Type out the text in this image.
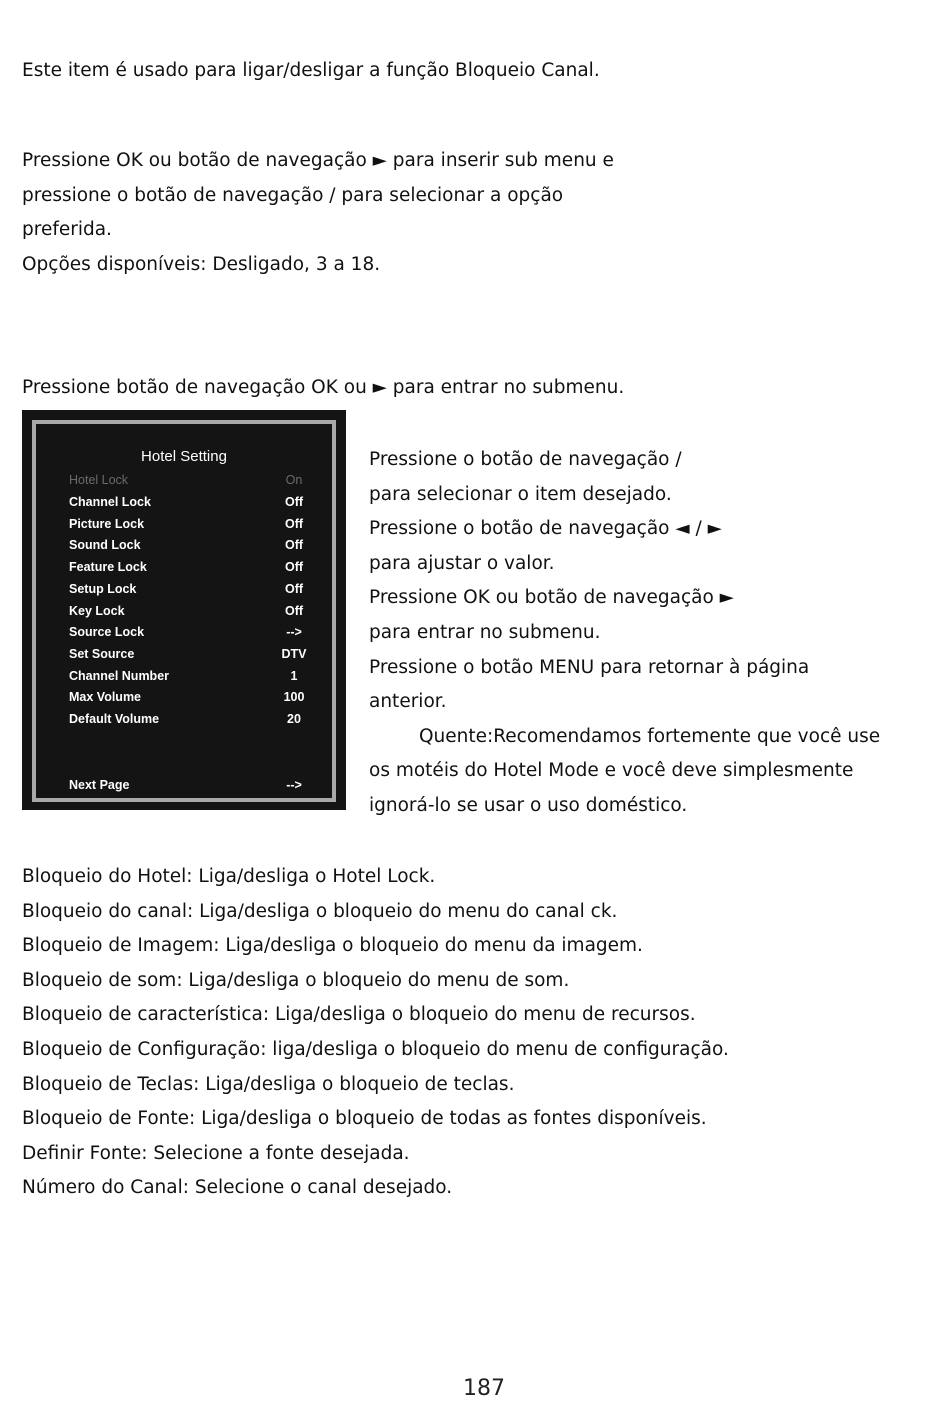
Este item é usado para ligar/desligar a função Bloqueio Canal.

Pressione OK ou botão de navegação ► para inserir sub menu e
pressione o botão de navegação / para selecionar a opção
preferida.
Opções disponíveis: Desligado, 3 a 18.

Pressione botão de navegação OK ou ► para entrar no submenu.

Hotel Setting
Hotel Lock	On
Channel Lock	Off
Picture Lock	Off
Sound Lock	Off
Feature Lock	Off
Setup Lock	Off
Key Lock	Off
Source Lock	-->
Set Source	DTV
Channel Number	1
Max Volume	100
Default Volume	20
Next Page	-->
Pressione o botão de navegação /
para selecionar o item desejado.
Pressione o botão de navegação ◄ / ►
para ajustar o valor.
Pressione OK ou botão de navegação ►
para entrar no submenu.
Pressione o botão MENU para retornar à página
anterior.
Quente:Recomendamos fortemente que você use
os motéis do Hotel Mode e você deve simplesmente
ignorá-lo se usar o uso doméstico.
Bloqueio do Hotel: Liga/desliga o Hotel Lock.
Bloqueio do canal: Liga/desliga o bloqueio do menu do canal ck.
Bloqueio de Imagem: Liga/desliga o bloqueio do menu da imagem.
Bloqueio de som: Liga/desliga o bloqueio do menu de som.
Bloqueio de característica: Liga/desliga o bloqueio do menu de recursos.
Bloqueio de Configuração: liga/desliga o bloqueio do menu de configuração.
Bloqueio de Teclas: Liga/desliga o bloqueio de teclas.
Bloqueio de Fonte: Liga/desliga o bloqueio de todas as fontes disponíveis.
Definir Fonte: Selecione a fonte desejada.
Número do Canal: Selecione o canal desejado.
187
